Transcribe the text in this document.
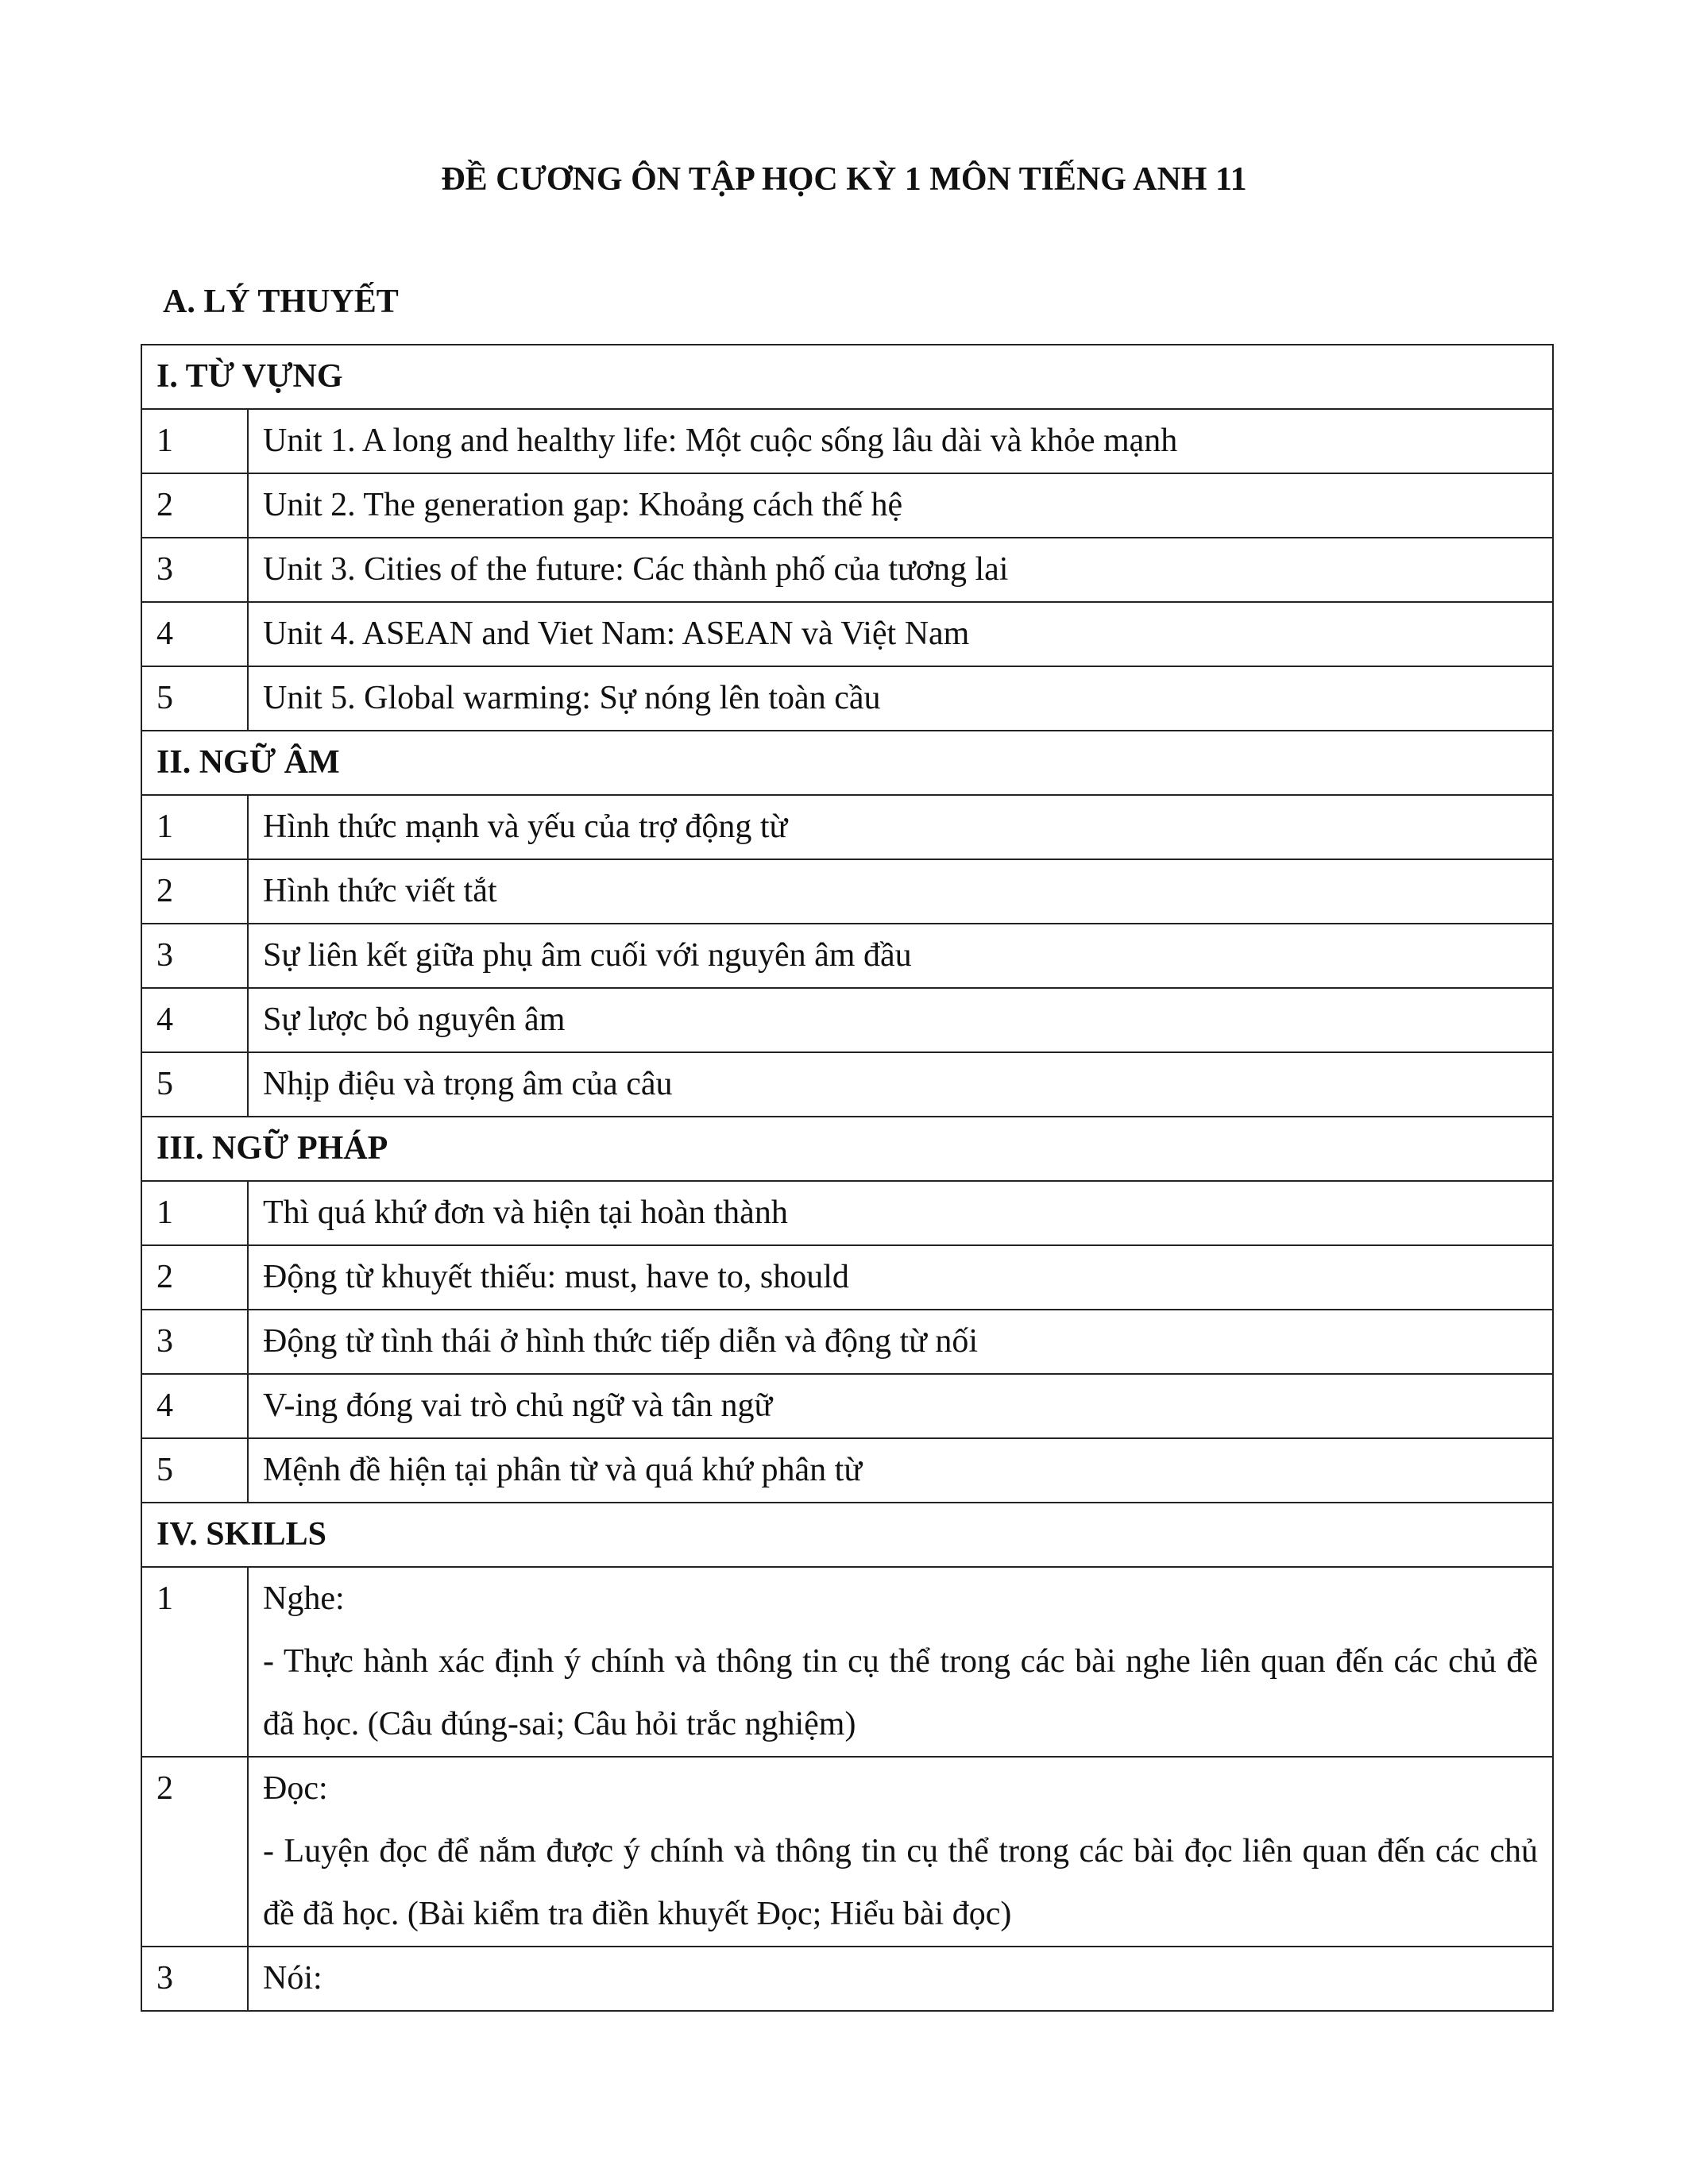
ĐỀ CƯƠNG ÔN TẬP HỌC KỲ 1 MÔN TIẾNG ANH 11
A. LÝ THUYẾT
I. TỪ VỰNG	
1	Unit 1. A long and healthy life: Một cuộc sống lâu dài và khỏe mạnh
2	Unit 2. The generation gap: Khoảng cách thế hệ
3	Unit 3. Cities of the future: Các thành phố của tương lai
4	Unit 4. ASEAN and Viet Nam: ASEAN và Việt Nam
5	Unit 5. Global warming: Sự nóng lên toàn cầu
II. NGỮ ÂM	
1	Hình thức mạnh và yếu của trợ động từ
2	Hình thức viết tắt
3	Sự liên kết giữa phụ âm cuối với nguyên âm đầu
4	Sự lược bỏ nguyên âm
5	Nhịp điệu và trọng âm của câu
III. NGỮ PHÁP	
1	Thì quá khứ đơn và hiện tại hoàn thành
2	Động từ khuyết thiếu: must, have to, should
3	Động từ tình thái ở hình thức tiếp diễn và động từ nối
4	V-ing đóng vai trò chủ ngữ và tân ngữ
5	Mệnh đề hiện tại phân từ và quá khứ phân từ
IV. SKILLS	
1	Nghe:
- Thực hành xác định ý chính và thông tin cụ thể trong các bài nghe liên quan đến các chủ đề đã học. (Câu đúng-sai; Câu hỏi trắc nghiệm)

2	Đọc:
- Luyện đọc để nắm được ý chính và thông tin cụ thể trong các bài đọc liên quan đến các chủ đề đã học. (Bài kiểm tra điền khuyết Đọc; Hiểu bài đọc)

3	Nói:
